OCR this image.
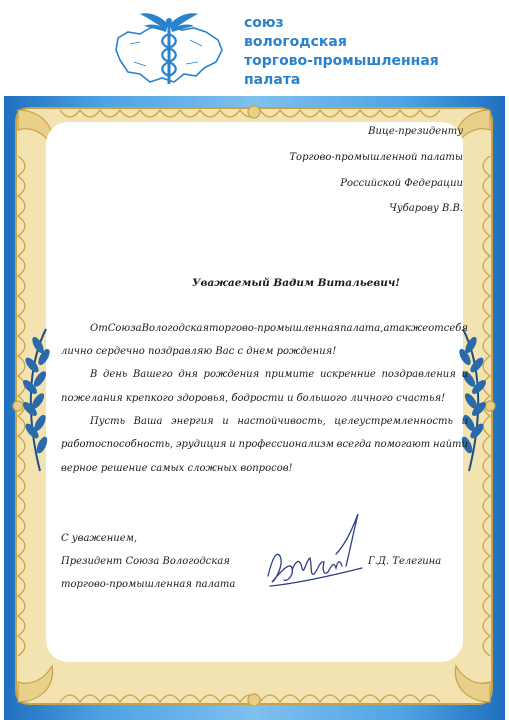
союз
вологодская
торгово-промышленная
палата
Вице-президенту
Торгово-промышленной палаты
Российской Федерации
Чубарову В.В.
Уважаемый Вадим Витальевич!
От Союза Вологодская торгово-промышленная палата, а также от себя
лично сердечно поздравляю Вас с днем рождения!
В день Вашего дня рождения примите искренние поздравления и
пожелания крепкого здоровья, бодрости и большого личного счастья!
Пусть Ваша энергия и настойчивость, целеустремленность и
работоспособность, эрудиция и профессионализм всегда помогают найти
верное решение самых сложных вопросов!
С уважением,
Президент Союза Вологодская
торгово-промышленная палата
Г.Д. Телегина
